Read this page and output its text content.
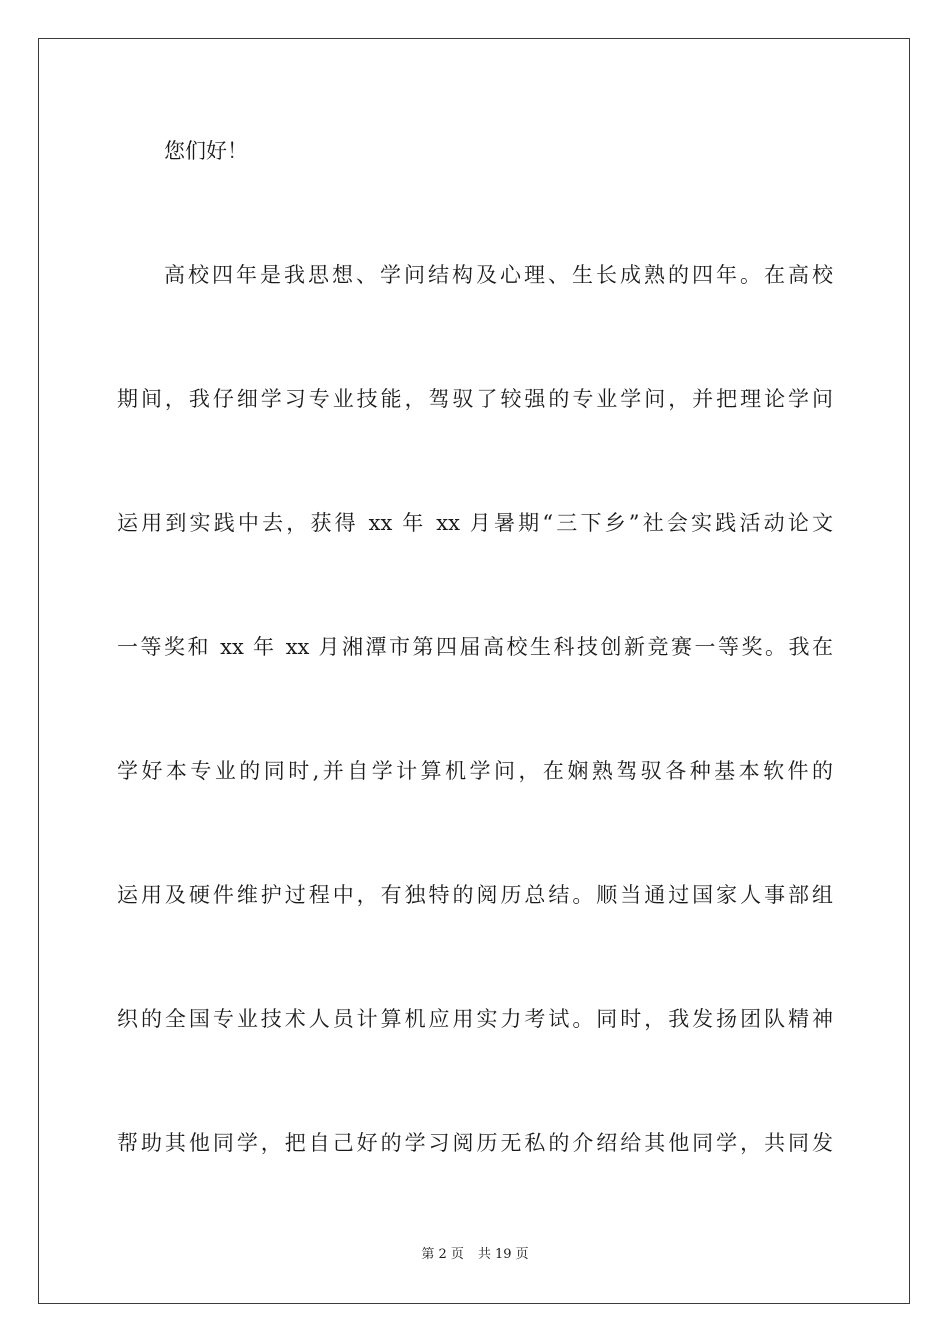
您们好！
高校四年是我思想、学问结构及心理、生长成熟的四年。在高校
期间，我仔细学习专业技能，驾驭了较强的专业学问，并把理论学问
运用到实践中去，获得 xx 年 xx 月暑期“三下乡”社会实践活动论文
一等奖和 xx 年 xx 月湘潭市第四届高校生科技创新竞赛一等奖。我在
学好本专业的同时,并自学计算机学问，在娴熟驾驭各种基本软件的
运用及硬件维护过程中，有独特的阅历总结。顺当通过国家人事部组
织的全国专业技术人员计算机应用实力考试。同时，我发扬团队精神
帮助其他同学，把自己好的学习阅历无私的介绍给其他同学，共同发
第 2 页 共 19 页
